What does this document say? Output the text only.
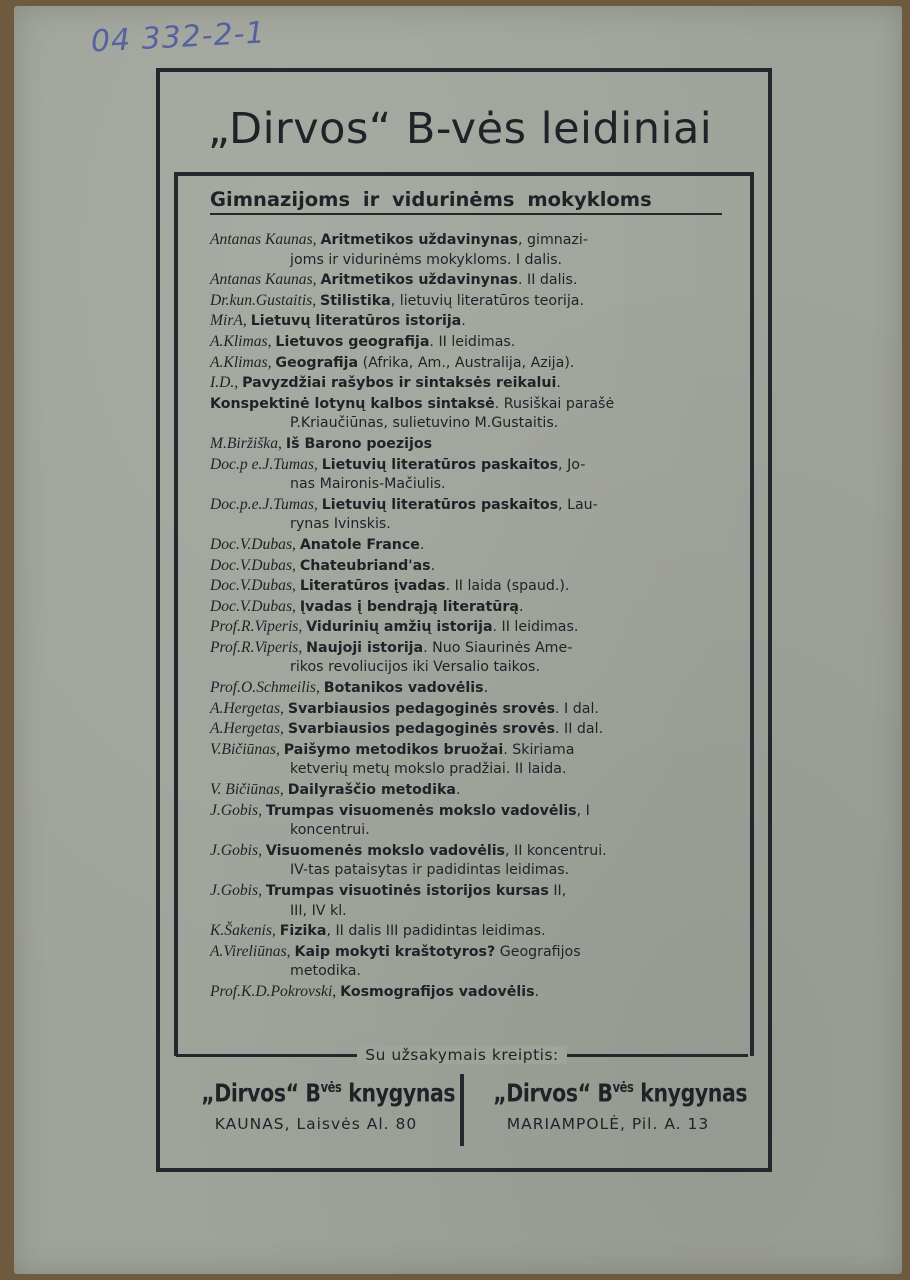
04 332-2-1
„Dirvos“ B-vės leidiniai
Gimnazijoms ir vidurinėms mokykloms
Antanas Kaunas, Aritmetikos uždavinynas, gimnazi-
joms ir vidurinėms mokykloms. I dalis.
Antanas Kaunas, Aritmetikos uždavinynas. II dalis.
Dr.kun.Gustaitis, Stilistika, lietuvių literatūros teorija.
MirA, Lietuvų literatūros istorija.
A.Klimas, Lietuvos geografija. II leidimas.
A.Klimas, Geografija (Afrika, Am., Australija, Azija).
I.D., Pavyzdžiai rašybos ir sintaksės reikalui.
Konspektinė lotynų kalbos sintaksė. Rusiškai parašė
P.Kriaučiūnas, sulietuvino M.Gustaitis.
M.Biržiška, Iš Barono poezijos
Doc.p e.J.Tumas, Lietuvių literatūros paskaitos, Jo-
nas Maironis-Mačiulis.
Doc.p.e.J.Tumas, Lietuvių literatūros paskaitos, Lau-
rynas Ivinskis.
Doc.V.Dubas, Anatole France.
Doc.V.Dubas, Chateubriand'as.
Doc.V.Dubas, Literatūros įvadas. II laida (spaud.).
Doc.V.Dubas, Įvadas į bendrąją literatūrą.
Prof.R.Viperis, Vidurinių amžių istorija. II leidimas.
Prof.R.Viperis, Naujoji istorija. Nuo Siaurinės Ame-
rikos revoliucijos iki Versalio taikos.
Prof.O.Schmeilis, Botanikos vadovėlis.
A.Hergetas, Svarbiausios pedagoginės srovės. I dal.
A.Hergetas, Svarbiausios pedagoginės srovės. II dal.
V.Bičiūnas, Paišymo metodikos bruožai. Skiriama
ketverių metų mokslo pradžiai. II laida.
V. Bičiūnas, Dailyraščio metodika.
J.Gobis, Trumpas visuomenės mokslo vadovėlis, I
koncentrui.
J.Gobis, Visuomenės mokslo vadovėlis, II koncentrui.
IV-tas pataisytas ir padidintas leidimas.
J.Gobis, Trumpas visuotinės istorijos kursas II,
III, IV kl.
K.Šakenis, Fizika, II dalis III padidintas leidimas.
A.Vireliūnas, Kaip mokyti kraštotyros? Geografijos
metodika.
Prof.K.D.Pokrovski, Kosmografijos vadovėlis.
Su užsakymais kreiptis:
„Dirvos“ $B^{vės}$ knygynas
KAUNAS, Laisvės Al. 80
„Dirvos“ $B^{vės}$ knygynas
MARIAMPOLĖ, Pil. A. 13
